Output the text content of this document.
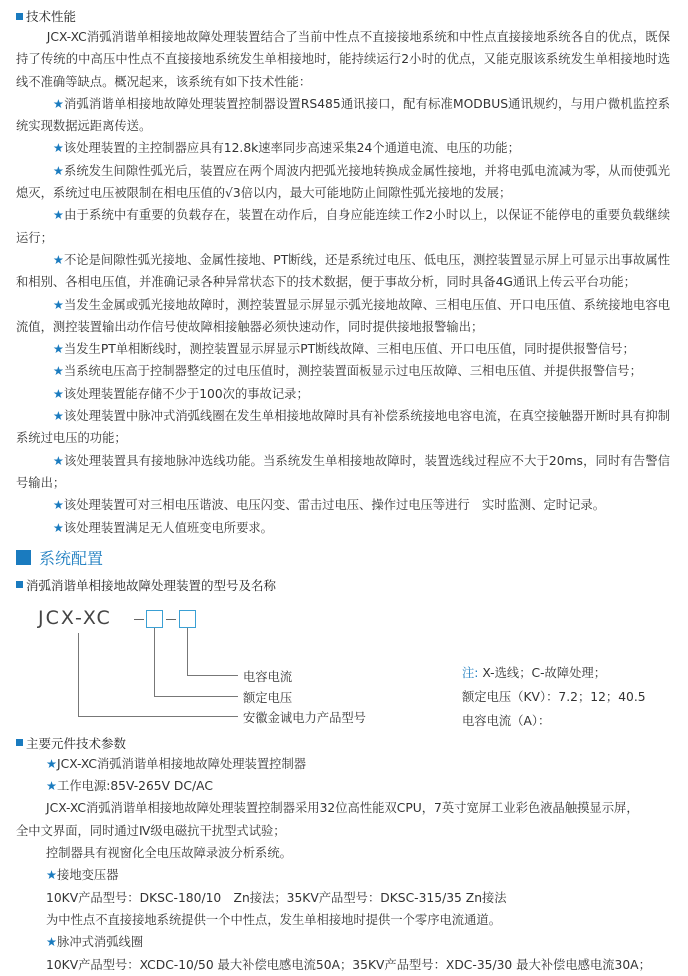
技术性能

JCX-XC消弧消谐单相接地故障处理装置结合了当前中性点不直接接地系统和中性点直接接地系统各自的优点，既保持了传统的中高压中性点不直接接地系统发生单相接地时，能持续运行2小时的优点，又能克服该系统发生单相接地时选线不准确等缺点。概况起来，该系统有如下技术性能：

★消弧消谐单相接地故障处理装置控制器设置RS485通讯接口，配有标准MODBUS通讯规约，与用户微机监控系统实现数据远距离传送。

★该处理装置的主控制器应具有12.8k速率同步高速采集24个通道电流、电压的功能；

★系统发生间隙性弧光后，装置应在两个周波内把弧光接地转换成金属性接地，并将电弧电流减为零，从而使弧光熄灭，系统过电压被限制在相电压值的√3倍以内，最大可能地防止间隙性弧光接地的发展；

★由于系统中有重要的负载存在，装置在动作后，自身应能连续工作2小时以上，以保证不能停电的重要负载继续运行；

★不论是间隙性弧光接地、金属性接地、PT断线，还是系统过电压、低电压，测控装置显示屏上可显示出事故属性和相别、各相电压值，并准确记录各种异常状态下的技术数据，便于事故分析，同时具备4G通讯上传云平台功能；

★当发生金属或弧光接地故障时，测控装置显示屏显示弧光接地故障、三相电压值、开口电压值、系统接地电容电流值，测控装置输出动作信号使故障相接触器必须快速动作，同时提供接地报警输出；

★当发生PT单相断线时，测控装置显示屏显示PT断线故障、三相电压值、开口电压值，同时提供报警信号；

★当系统电压高于控制器整定的过电压值时，测控装置面板显示过电压故障、三相电压值、并提供报警信号；

★该处理装置能存储不少于100次的事故记录；

★该处理装置中脉冲式消弧线圈在发生单相接地故障时具有补偿系统接地电容电流，在真空接触器开断时具有抑制系统过电压的功能；

★该处理装置具有接地脉冲选线功能。当系统发生单相接地故障时，装置选线过程应不大于20ms，同时有告警信号输出；

★该处理装置可对三相电压谐波、电压闪变、雷击过电压、操作过电压等进行　实时监测、定时记录。

★该处理装置满足无人值班变电所要求。

系统配置
消弧消谐单相接地故障处理装置的型号及名称
JCX-XC
电容电流
额定电压
安徽金诚电力产品型号
注: X-选线；C-故障处理；
额定电压（KV）：7.2；12；40.5
电容电流（A）：
主要元件技术参数

★JCX-XC消弧消谐单相接地故障处理装置控制器

★工作电源:85V-265V DC/AC

JCX-XC消弧消谐单相接地故障处理装置控制器采用32位高性能双CPU，7英寸宽屏工业彩色液晶触摸显示屏，

全中文界面，同时通过Ⅳ级电磁抗干扰型式试验；

控制器具有视窗化全电压故障录波分析系统。

★接地变压器

10KV产品型号：DKSC-180/10　Zn接法；35KV产品型号：DKSC-315/35 Zn接法

为中性点不直接接地系统提供一个中性点，发生单相接地时提供一个零序电流通道。

★脉冲式消弧线圈

10KV产品型号：XCDC-10/50 最大补偿电感电流50A；35KV产品型号：XDC-35/30 最大补偿电感电流30A；
